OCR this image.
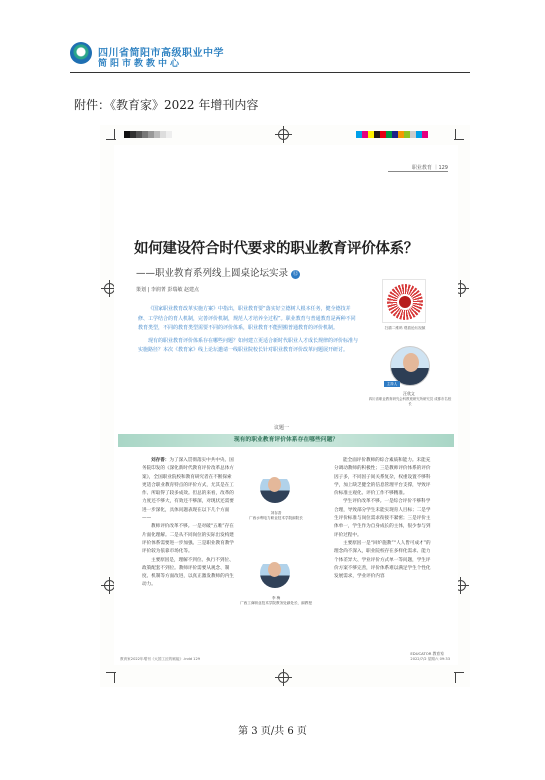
四川省简阳市高级职业中学
简阳市教教中心
附件：《教育家》2022 年增刊内容
职业教育 ｜129
如何建设符合时代要求的职业教育评价体系？
——职业教育系列线上圆桌论坛实录 ⑫
策划 | 李润菁 彭瑞敏 赵建点
扫描二维码 观看论坛视频

《国家职业教育改革实施方案》中指出，职业教育要“落实好立德树人根本任务，健全德技并修、工学结合的育人机制，完善评价机制，规范人才培养全过程”。职业教育与普通教育是两种不同教育类型，不同的教育类型需要不同的评价体系，职业教育不能照搬普通教育的评价机制。

现有的职业教育评价体系存在哪些问题？如何建立更适合新时代职业人才成长规律的评价标准与实施路径？本次《教育家》线上论坛邀请一线职业院校长针对职业教育评价改革问题展开研讨。

主持人
汪欣文
四川省职业教育研究会科教班研究所研究员 成都市名校长
议题一
现有的职业教育评价体系存在哪些问题？

刘存香：为了深入贯彻落实中共中央、国务院印发的《深化新时代教育评价改革总体方案》，全国职业院校和教育研究者在不断探索更适合职业教育特点的评价方式，尤其是在工作、所取得了较多成效。但总的来看，改革的力度还不够大，有效还不够深，对现状还需要进一步深化，具体问题表现在以下几个方面——

教师评价改革不够。一是对破“五唯”存在片面化理解。二是从不同岗位的实际出发构建评价体系需要进一步加强。三是职业教育教学评价较为依靠市场化等。

主要原因是，理解不到位、执行不到位、政策配套不到位。教师评价需要从观念、制度、机制等方面改进，以真正激发教师的内生动力。

刘存香
广西水利电力职业技术学院副院长
李 梅
广西工商职业技术学院教务处副处长、副教授

能全面评价教师的综合素质和能力。未能充分调动教师的积极性；三是教师评价体系的评价因子多，不同因子间关系复杂，权重设置不够科学，加上缺乏健全的信息管理平台支撑，导致评价标准主观化、评价工作不够精准。

学生评价改革不够。一是综合评价不够科学合理，导致部分学生未能实现育人目标；二是学生评价标准与岗位需求衔接不紧密；三是评价主体单一，学生作为自身成长的主体，很少参与到评价过程中。

主要原因一是“回炉施教”“人人皆可成才”的理念尚不深入，职业院校存在多样化需求、能力个体差异大、学业评价方式单一等问题，学生评价方案不够完善，评价体系难以满足学生个性化发展需求，学业评价内容

EDUCATOR 教育家
教育家2022年增刊《大国工匠的赋能》.indd 129	2022/7/2 星期六 09:33
第 3 页/共 6 页
